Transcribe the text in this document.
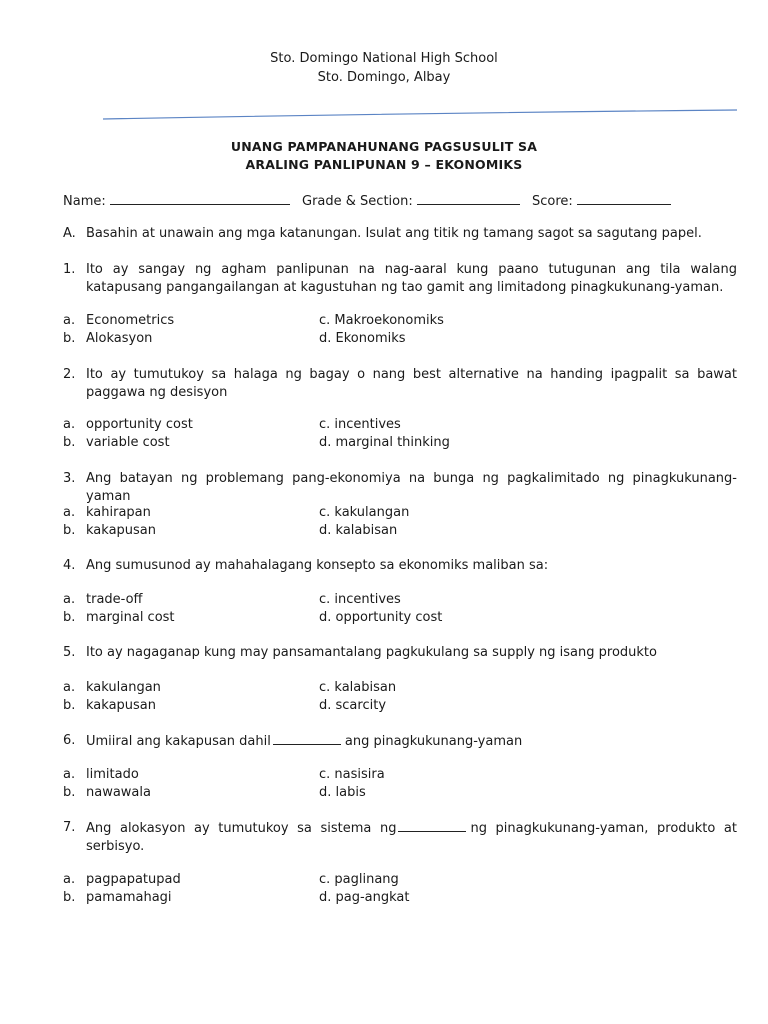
Sto. Domingo National High School
Sto. Domingo, Albay
UNANG PAMPANAHUNANG PAGSUSULIT SA
ARALING PANLIPUNAN 9 – EKONOMIKS
Name:	Grade & Section:	Score:
A. Basahin at unawain ang mga katanungan. Isulat ang titik ng tamang sagot sa sagutang papel.
1. Ito ay sangay ng agham panlipunan na nag-aaral kung paano tutugunan ang tila walang katapusang pangangailangan at kagustuhan ng tao gamit ang limitadong pinagkukunang-yaman.
a. Econometrics	c. Makroekonomiks
b. Alokasyon	d. Ekonomiks
2. Ito ay tumutukoy sa halaga ng bagay o nang best alternative na handing ipagpalit sa bawat paggawa ng desisyon
a. opportunity cost	c. incentives
b. variable cost	d. marginal thinking
3. Ang batayan ng problemang pang-ekonomiya na bunga ng pagkalimitado ng pinagkukunang-yaman
a. kahirapan	c. kakulangan
b. kakapusan	d. kalabisan
4. Ang sumusunod ay mahahalagang konsepto sa ekonomiks maliban sa:
a. trade-off	c. incentives
b. marginal cost	d. opportunity cost
5. Ito ay nagaganap kung may pansamantalang pagkukulang sa supply ng isang produkto
a. kakulangan	c. kalabisan
b. kakapusan	d. scarcity
6. Umiiral ang kakapusan dahil	ang pinagkukunang-yaman
a. limitado	c. nasisira
b. nawawala	d. labis
7. Ang alokasyon ay tumutukoy sa sistema ng	ng pinagkukunang-yaman, produkto at serbisyo.
a. pagpapatupad	c. paglinang
b. pamamahagi	d. pag-angkat
